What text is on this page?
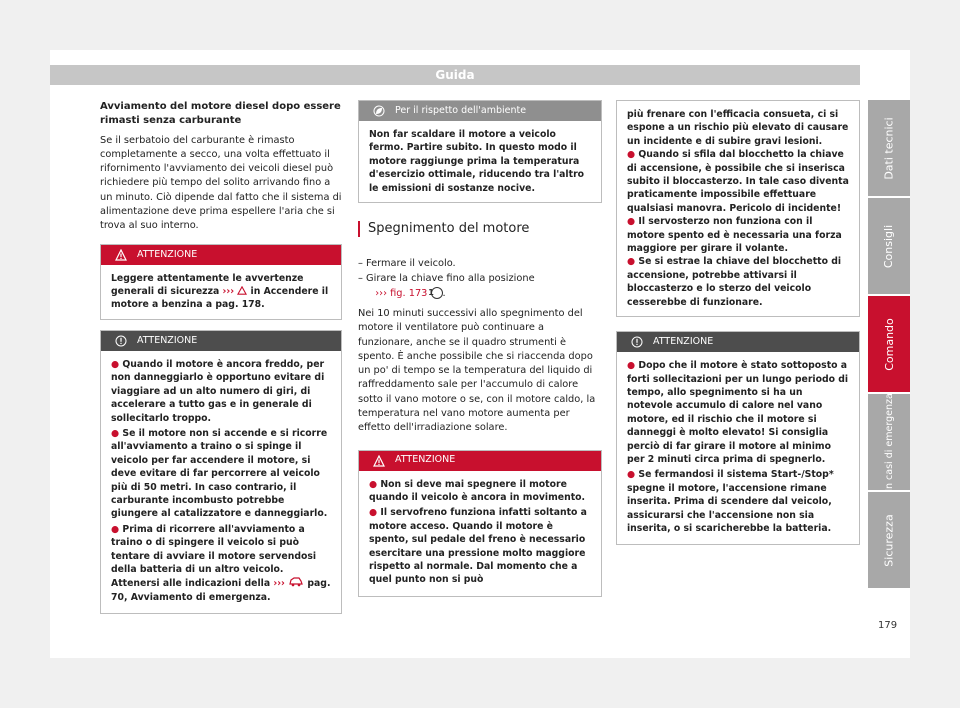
Guida
Avviamento del motore diesel dopo essere rimasti senza carburante
Se il serbatoio del carburante è rimasto completamente a secco, una volta effettuato il rifornimento l'avviamento dei veicoli diesel può richiedere più tempo del solito arrivando fino a un minuto. Ciò dipende dal fatto che il sistema di alimentazione deve prima espellere l'aria che si trova al suo interno.
ATTENZIONE
Leggere attentamente le avvertenze generali di sicurezza ››› in Accendere il motore a benzina a pag. 178.
ATTENZIONE
● Quando il motore è ancora freddo, per non danneggiarlo è opportuno evitare di viaggiare ad un alto numero di giri, di accelerare a tutto gas e in generale di sollecitarlo troppo.
● Se il motore non si accende e si ricorre all'avviamento a traino o si spinge il veicolo per far accendere il motore, si deve evitare di far percorrere al veicolo più di 50 metri. In caso contrario, il carburante incombusto potrebbe giungere al catalizzatore e danneggiarlo.
● Prima di ricorrere all'avviamento a traino o di spingere il veicolo si può tentare di avviare il motore servendosi della batteria di un altro veicolo. Attenersi alle indicazioni della ››› pag. 70, Avviamento di emergenza.
Per il rispetto dell'ambiente
Non far scaldare il motore a veicolo fermo. Partire subito. In questo modo il motore raggiunge prima la temperatura d'esercizio ottimale, riducendo tra l'altro le emissioni di sostanze nocive.
Spegnimento del motore
– Fermare il veicolo.
– Girare la chiave fino alla posizione
››› fig. 173 1 .
Nei 10 minuti successivi allo spegnimento del motore il ventilatore può continuare a funzionare, anche se il quadro strumenti è spento. È anche possibile che si riaccenda dopo un po' di tempo se la temperatura del liquido di raffreddamento sale per l'accumulo di calore sotto il vano motore o se, con il motore caldo, la temperatura nel vano motore aumenta per effetto dell'irradiazione solare.
ATTENZIONE
● Non si deve mai spegnere il motore quando il veicolo è ancora in movimento.
● Il servofreno funziona infatti soltanto a motore acceso. Quando il motore è spento, sul pedale del freno è necessario esercitare una pressione molto maggiore rispetto al normale. Dal momento che a quel punto non si può
più frenare con l'efficacia consueta, ci si espone a un rischio più elevato di causare un incidente e di subire gravi lesioni.
● Quando si sfila dal blocchetto la chiave di accensione, è possibile che si inserisca subito il bloccasterzo. In tale caso diventa praticamente impossibile effettuare qualsiasi manovra. Pericolo di incidente!
● Il servosterzo non funziona con il motore spento ed è necessaria una forza maggiore per girare il volante.
● Se si estrae la chiave del blocchetto di accensione, potrebbe attivarsi il bloccasterzo e lo sterzo del veicolo cesserebbe di funzionare.
ATTENZIONE
● Dopo che il motore è stato sottoposto a forti sollecitazioni per un lungo periodo di tempo, allo spegnimento si ha un notevole accumulo di calore nel vano motore, ed il rischio che il motore si danneggi è molto elevato! Si consiglia perciò di far girare il motore al minimo per 2 minuti circa prima di spegnerlo.
● Se fermandosi il sistema Start-/Stop* spegne il motore, l'accensione rimane inserita. Prima di scendere dal veicolo, assicurarsi che l'accensione non sia inserita, o si scaricherebbe la batteria.
Dati tecnici
Consigli
Comando
In casi di emergenza
Sicurezza
179
